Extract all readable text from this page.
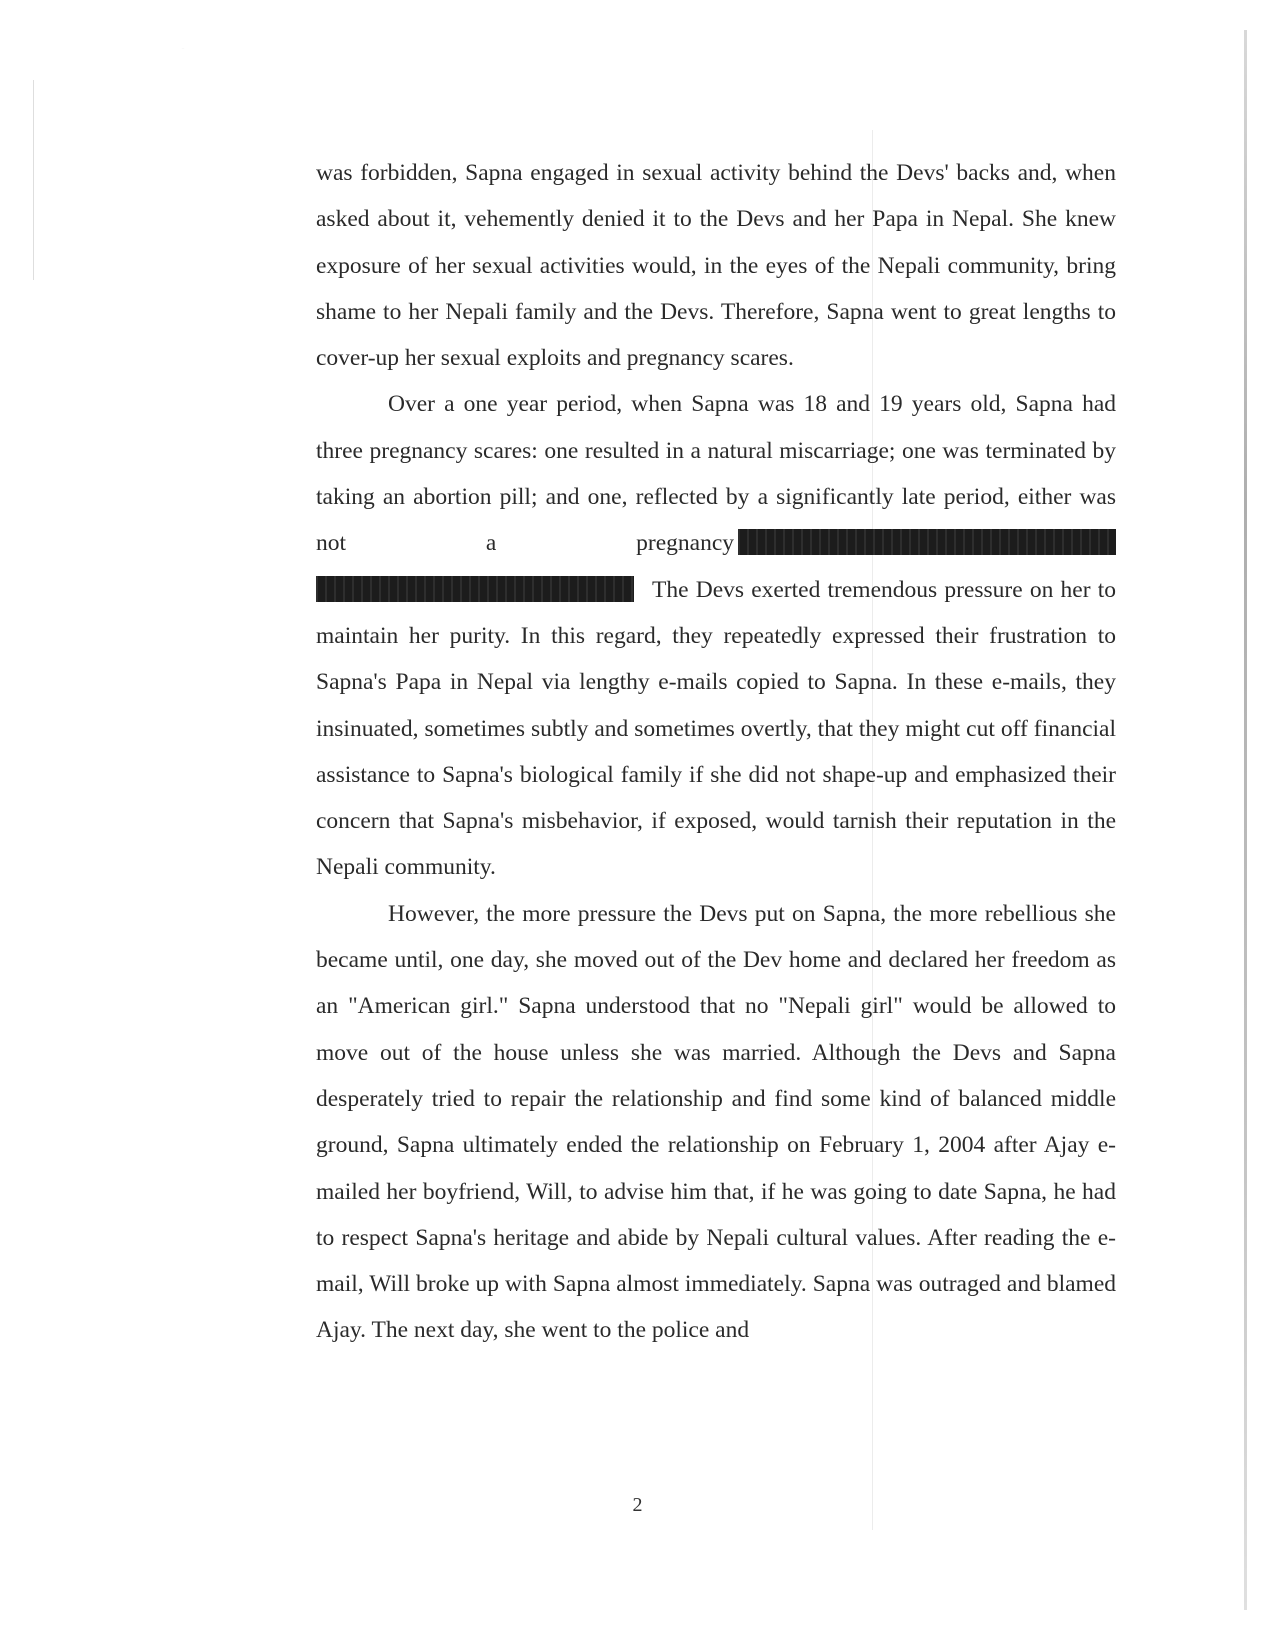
was forbidden, Sapna engaged in sexual activity behind the Devs' backs and, when asked about it, vehemently denied it to the Devs and her Papa in Nepal. She knew exposure of her sexual activities would, in the eyes of the Nepali community, bring shame to her Nepali family and the Devs. Therefore, Sapna went to great lengths to cover-up her sexual exploits and pregnancy scares.

Over a one year period, when Sapna was 18 and 19 years old, Sapna had three pregnancy scares: one resulted in a natural miscarriage; one was terminated by taking an abortion pill; and one, reflected by a significantly late period, either was not a pregnancy The Devs exerted tremendous pressure on her to maintain her purity. In this regard, they repeatedly expressed their frustration to Sapna's Papa in Nepal via lengthy e-mails copied to Sapna. In these e-mails, they insinuated, sometimes subtly and sometimes overtly, that they might cut off financial assistance to Sapna's biological family if she did not shape-up and emphasized their concern that Sapna's misbehavior, if exposed, would tarnish their reputation in the Nepali community.

However, the more pressure the Devs put on Sapna, the more rebellious she became until, one day, she moved out of the Dev home and declared her freedom as an "American girl." Sapna understood that no "Nepali girl" would be allowed to move out of the house unless she was married. Although the Devs and Sapna desperately tried to repair the relationship and find some kind of balanced middle ground, Sapna ultimately ended the relationship on February 1, 2004 after Ajay e-mailed her boyfriend, Will, to advise him that, if he was going to date Sapna, he had to respect Sapna's heritage and abide by Nepali cultural values. After reading the e-mail, Will broke up with Sapna almost immediately. Sapna was outraged and blamed Ajay. The next day, she went to the police and

2
